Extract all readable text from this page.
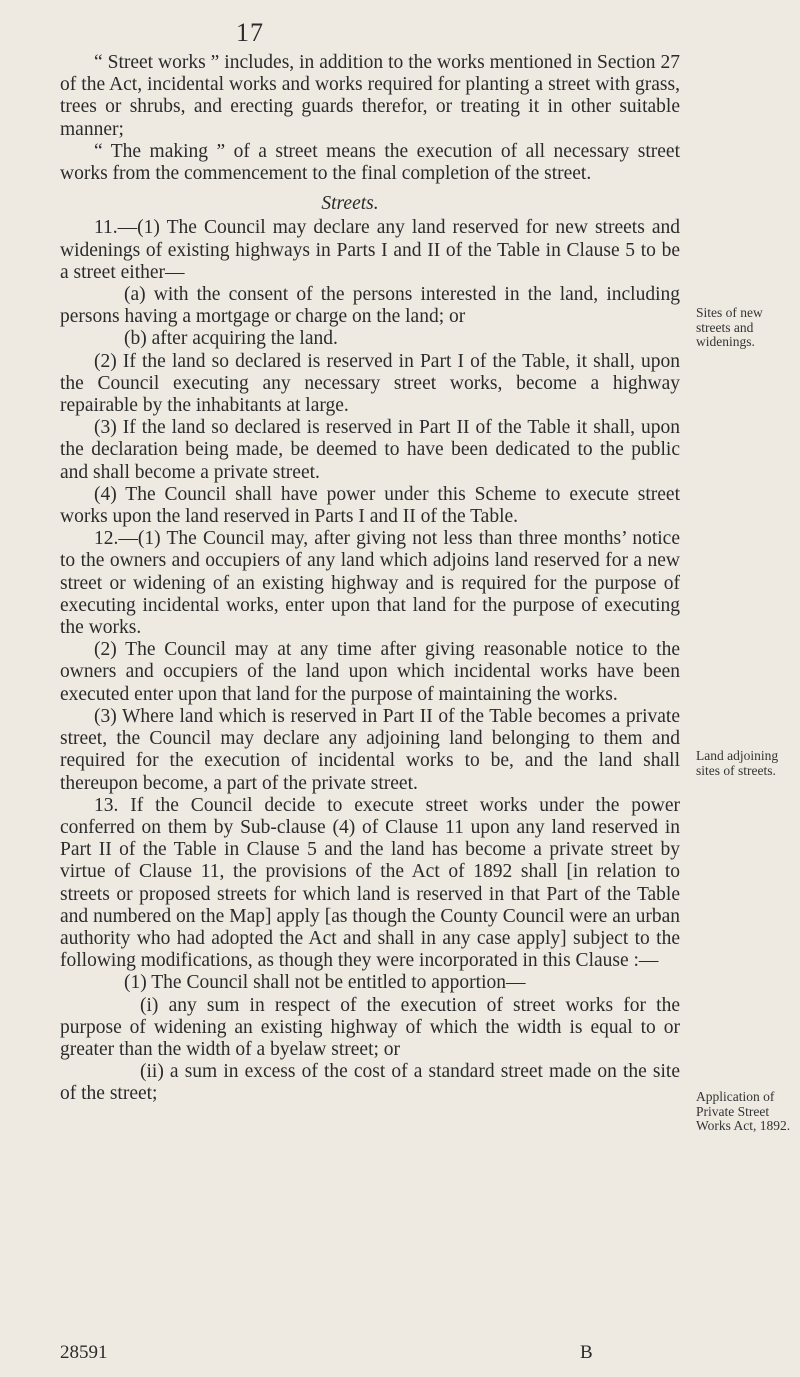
17

“ Street works ” includes, in addition to the works mentioned in Section 27 of the Act, incidental works and works required for planting a street with grass, trees or shrubs, and erecting guards therefor, or treating it in other suitable manner;

“ The making ” of a street means the execution of all necessary street works from the commencement to the final completion of the street.

Streets.

11.—(1) The Council may declare any land reserved for new streets and widenings of existing highways in Parts I and II of the Table in Clause 5 to be a street either—

(a) with the consent of the persons interested in the land, including persons having a mortgage or charge on the land; or

(b) after acquiring the land.

(2) If the land so declared is reserved in Part I of the Table, it shall, upon the Council executing any necessary street works, become a highway repairable by the inhabitants at large.

(3) If the land so declared is reserved in Part II of the Table it shall, upon the declaration being made, be deemed to have been dedicated to the public and shall become a private street.

(4) The Council shall have power under this Scheme to execute street works upon the land reserved in Parts I and II of the Table.

12.—(1) The Council may, after giving not less than three months’ notice to the owners and occupiers of any land which adjoins land reserved for a new street or widening of an existing highway and is required for the purpose of executing incidental works, enter upon that land for the purpose of executing the works.

(2) The Council may at any time after giving reasonable notice to the owners and occupiers of the land upon which incidental works have been executed enter upon that land for the purpose of maintaining the works.

(3) Where land which is reserved in Part II of the Table becomes a private street, the Council may declare any adjoining land belonging to them and required for the execution of incidental works to be, and the land shall thereupon become, a part of the private street.

13. If the Council decide to execute street works under the power conferred on them by Sub-clause (4) of Clause 11 upon any land reserved in Part II of the Table in Clause 5 and the land has become a private street by virtue of Clause 11, the provisions of the Act of 1892 shall [in relation to streets or proposed streets for which land is reserved in that Part of the Table and numbered on the Map] apply [as though the County Council were an urban authority who had adopted the Act and shall in any case apply] subject to the following modifications, as though they were incorporated in this Clause :—

(1) The Council shall not be entitled to apportion—

(i) any sum in respect of the execution of street works for the purpose of widening an existing highway of which the width is equal to or greater than the width of a byelaw street; or

(ii) a sum in excess of the cost of a standard street made on the site of the street;

Sites of new streets and widenings.
Land adjoining sites of streets.
Application of Private Street Works Act, 1892.
28591	B
